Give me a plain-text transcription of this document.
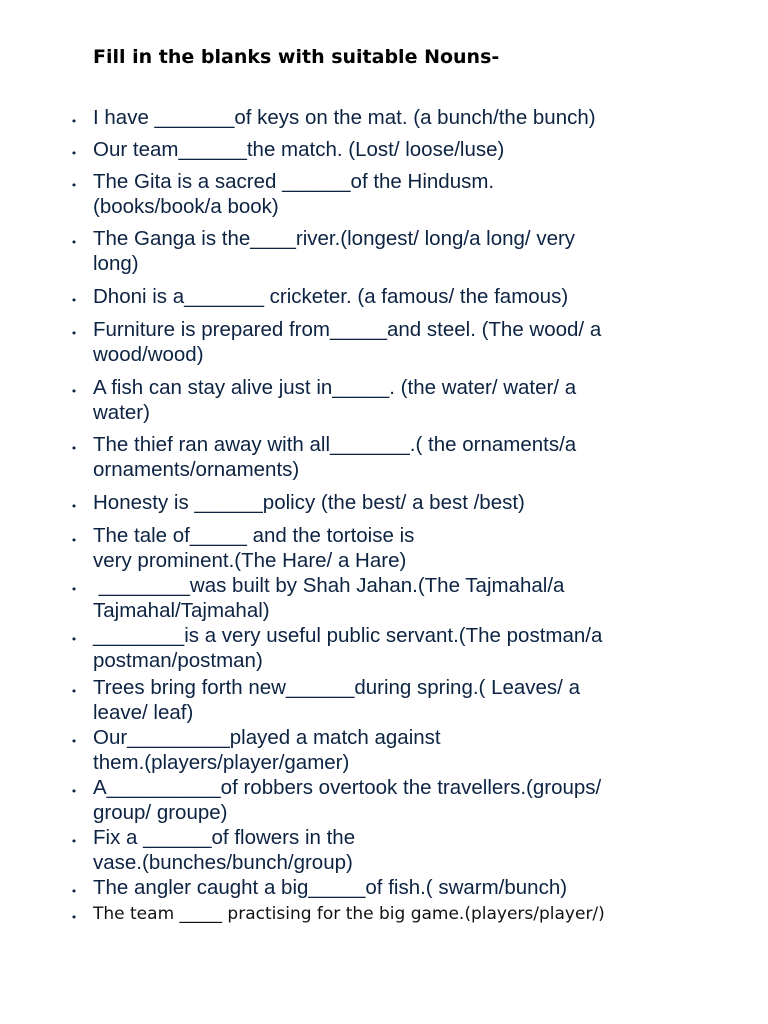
Fill in the blanks with suitable Nouns-
• I have _______of keys on the mat. (a bunch/the bunch)
• Our team______the match. (Lost/ loose/luse)
• The Gita is a sacred ______of the Hindusm.
(books/book/a book)
• The Ganga is the____river.(longest/ long/a long/ very
long)
• Dhoni is a_______ cricketer. (a famous/ the famous)
• Furniture is prepared from_____and steel. (The wood/ a
wood/wood)
• A fish can stay alive just in_____. (the water/ water/ a
water)
• The thief ran away with all_______.( the ornaments/a
ornaments/ornaments)
• Honesty is ______policy (the best/ a best /best)
• The tale of_____ and the tortoise is
very prominent.(The Hare/ a Hare)
• ________was built by Shah Jahan.(The Tajmahal/a
Tajmahal/Tajmahal)
• ________is a very useful public servant.(The postman/a
postman/postman)
• Trees bring forth new______during spring.( Leaves/ a
leave/ leaf)
• Our_________played a match against
them.(players/player/gamer)
• A__________of robbers overtook the travellers.(groups/
group/ groupe)
• Fix a ______of flowers in the
vase.(bunches/bunch/group)
• The angler caught a big_____of fish.( swarm/bunch)
• The team _____ practising for the big game.(players/player/)
